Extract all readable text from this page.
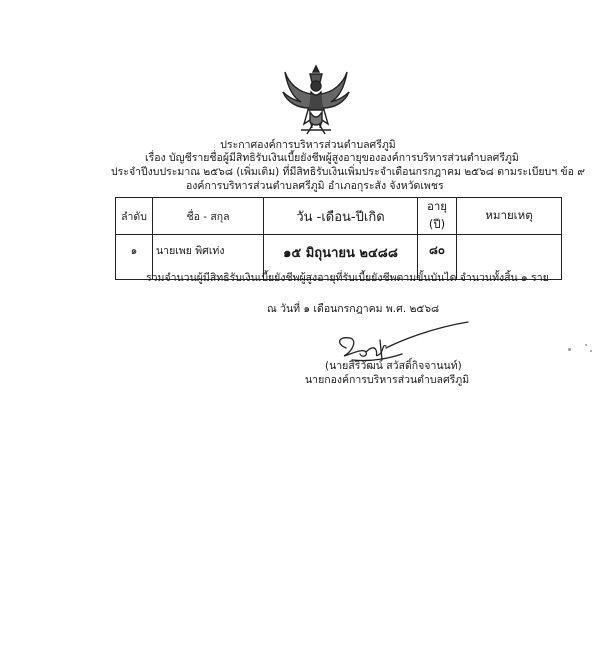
ประกาศองค์การบริหารส่วนตำบลศรีภูมิ
เรื่อง บัญชีรายชื่อผู้มีสิทธิรับเงินเบี้ยยังชีพผู้สูงอายุขององค์การบริหารส่วนตำบลศรีภูมิ
ประจำปีงบประมาณ ๒๕๖๘ (เพิ่มเติม) ที่มีสิทธิรับเงินเพิ่มประจำเดือนกรกฎาคม ๒๕๖๘ ตามระเบียบฯ ข้อ ๙
องค์การบริหารส่วนตำบลศรีภูมิ อำเภอกุระสัง จังหวัดเพชร
ลำดับ	ชื่อ - สกุล	วัน -เดือน-ปีเกิด	อายุ (ปี)	หมายเหตุ
๑	นายเพย พิศเท่ง	๑๕ มิถุนายน ๒๔๘๘	๘๐	
รวมจำนวนผู้มีสิทธิรับเงินเบี้ยยังชีพผู้สูงอายุที่รับเบี้ยยังชีพตามขั้นบันได จำนวนทั้งสิ้น ๑ ราย
ณ วันที่ ๑ เดือนกรกฎาคม พ.ศ. ๒๕๖๘
(นายสิริวัฒน์ สวัสดิ์กิจจานนท์)
นายกองค์การบริหารส่วนตำบลศรีภูมิ
